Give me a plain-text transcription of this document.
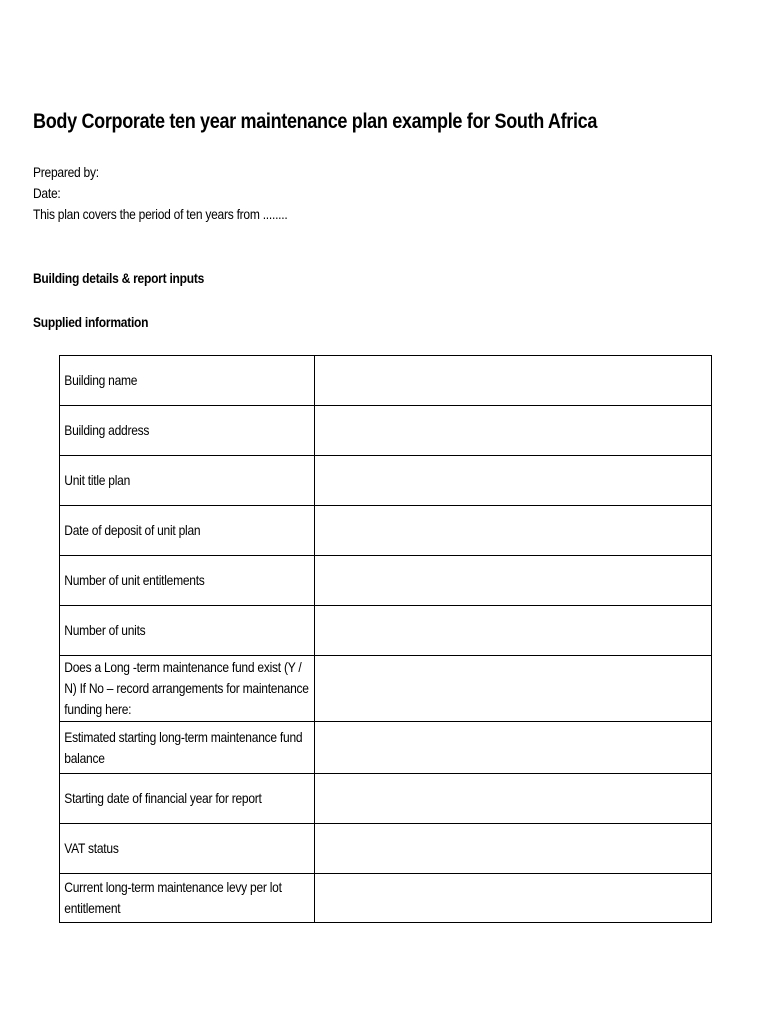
Body Corporate ten year maintenance plan example for South Africa
Prepared by:
Date:
This plan covers the period of ten years from ........
Building details & report inputs
Supplied information
Building name	

Building address	

Unit title plan	

Date of deposit of unit plan	

Number of unit entitlements	

Number of units	

Does a Long -term maintenance fund exist (Y / N) If No – record arrangements for maintenance funding here:	

Estimated starting long-term maintenance fund balance	

Starting date of financial year for report	

VAT status	

Current long-term maintenance levy per lot entitlement	
